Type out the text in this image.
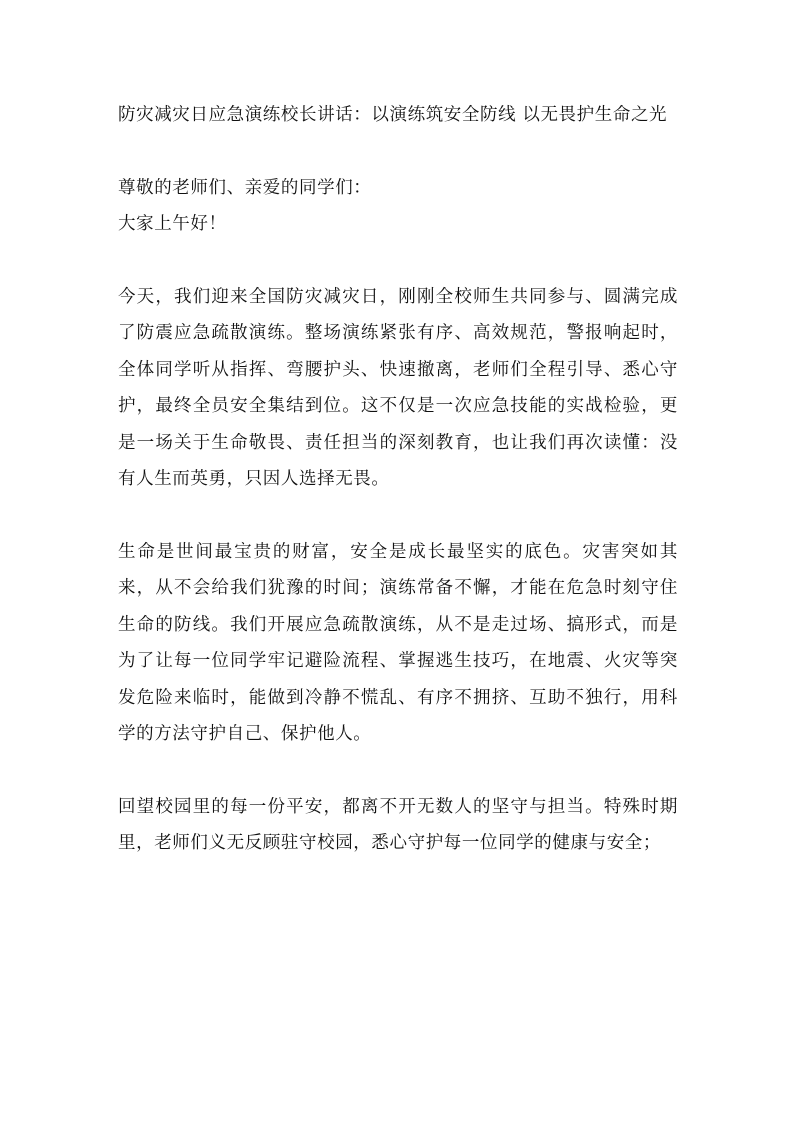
防灾减灾日应急演练校长讲话：以演练筑安全防线 以无畏护生命之光

尊敬的老师们、亲爱的同学们：

大家上午好！

今天，我们迎来全国防灾减灾日，刚刚全校师生共同参与、圆满完成了防震应急疏散演练。整场演练紧张有序、高效规范，警报响起时，全体同学听从指挥、弯腰护头、快速撤离，老师们全程引导、悉心守护，最终全员安全集结到位。这不仅是一次应急技能的实战检验，更是一场关于生命敬畏、责任担当的深刻教育，也让我们再次读懂：没有人生而英勇，只因人选择无畏。

生命是世间最宝贵的财富，安全是成长最坚实的底色。灾害突如其来，从不会给我们犹豫的时间；演练常备不懈，才能在危急时刻守住生命的防线。我们开展应急疏散演练，从不是走过场、搞形式，而是为了让每一位同学牢记避险流程、掌握逃生技巧，在地震、火灾等突发危险来临时，能做到冷静不慌乱、有序不拥挤、互助不独行，用科学的方法守护自己、保护他人。

回望校园里的每一份平安，都离不开无数人的坚守与担当。特殊时期里，老师们义无反顾驻守校园，悉心守护每一位同学的健康与安全；
